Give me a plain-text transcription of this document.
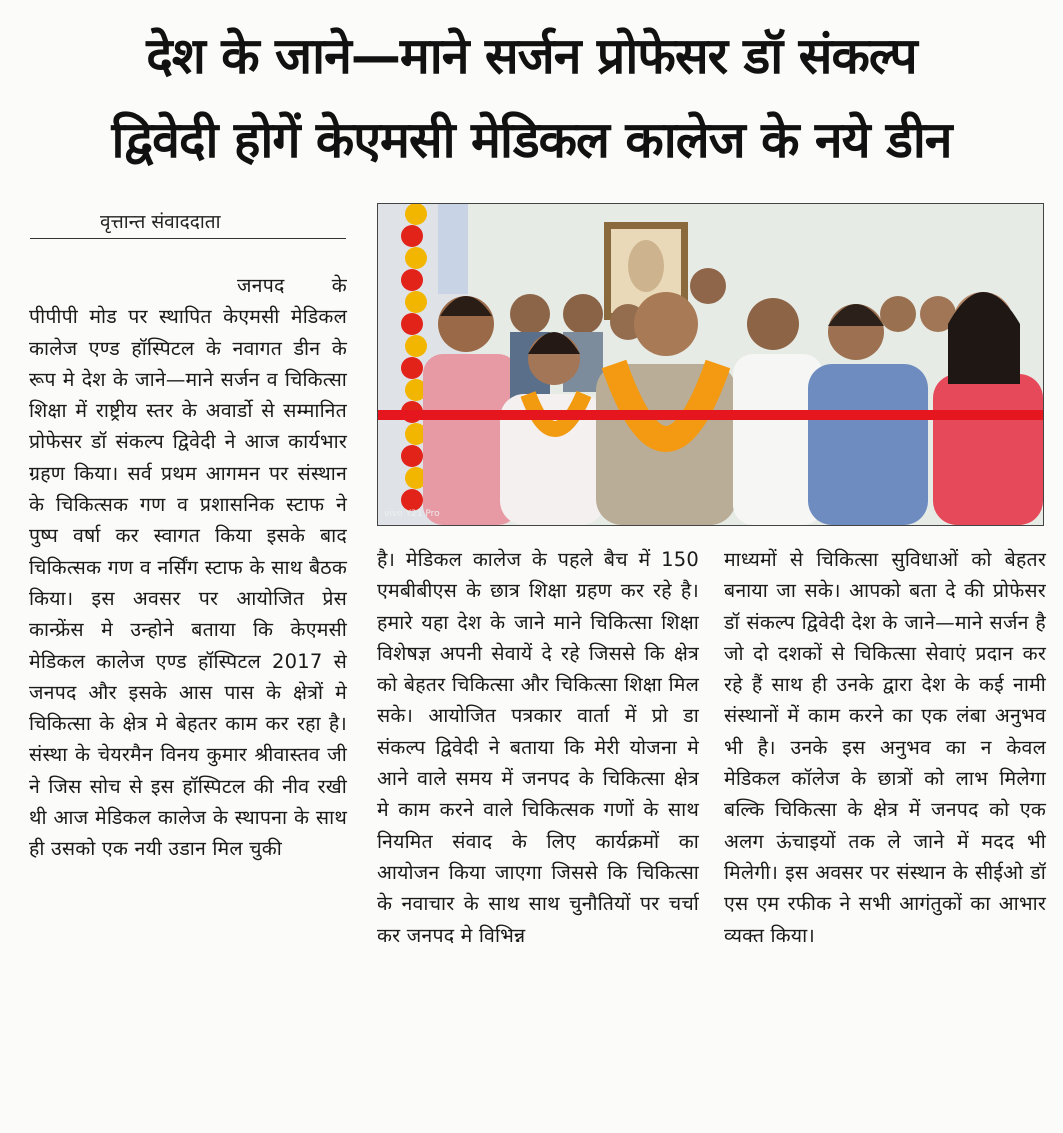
देश के जाने—माने सर्जन प्रोफेसर डॉ संकल्प
द्विवेदी होगें केएमसी मेडिकल कालेज के नये डीन
वृत्तान्त संवाददाता
जनपद के पीपीपी मोड पर स्थापित केएमसी मेडिकल कालेज एण्ड हॉस्पिटल के नवागत डीन के रूप मे देश के जाने—माने सर्जन व चिकित्सा शिक्षा में राष्ट्रीय स्तर के अवार्डो से सम्मानित प्रोफेसर डॉ संकल्प द्विवेदी ने आज कार्यभार ग्रहण किया। सर्व प्रथम आगमन पर संस्थान के चिकित्सक गण व प्रशासनिक स्टाफ ने पुष्प वर्षा कर स्वागत किया इसके बाद चिकित्सक गण व नर्सिंग स्टाफ के साथ बैठक किया। इस अवसर पर आयोजित प्रेस कान्फ्रेंस मे उन्होने बताया कि केएमसी मेडिकल कालेज एण्ड हॉस्पिटल 2017 से जनपद और इसके आस पास के क्षेत्रों मे चिकित्सा के क्षेत्र मे बेहतर काम कर रहा है। संस्था के चेयरमैन विनय कुमार श्रीवास्तव जी ने जिस सोच से इस हॉस्पिटल की नीव रखी थी आज मेडिकल कालेज के स्थापना के साथ ही उसको एक नयी उडान मिल चुकी
vivo Y21 Pro
है। मेडिकल कालेज के पहले बैच में 150 एमबीबीएस के छात्र शिक्षा ग्रहण कर रहे है। हमारे यहा देश के जाने माने चिकित्सा शिक्षा विशेषज्ञ अपनी सेवायें दे रहे जिससे कि क्षेत्र को बेहतर चिकित्सा और चिकित्सा शिक्षा मिल सके। आयोजित पत्रकार वार्ता में प्रो डा संकल्प द्विवेदी ने बताया कि मेरी योजना मे आने वाले समय में जनपद के चिकित्सा क्षेत्र मे काम करने वाले चिकित्सक गणों के साथ नियमित संवाद के लिए कार्यक्रमों का आयोजन किया जाएगा जिससे कि चिकित्सा के नवाचार के साथ साथ चुनौतियों पर चर्चा कर जनपद मे विभिन्न
माध्यमों से चिकित्सा सुविधाओं को बेहतर बनाया जा सके। आपको बता दे की प्रोफेसर डॉ संकल्प द्विवेदी देश के जाने—माने सर्जन है जो दो दशकों से चिकित्सा सेवाएं प्रदान कर रहे हैं साथ ही उनके द्वारा देश के कई नामी संस्थानों में काम करने का एक लंबा अनुभव भी है। उनके इस अनुभव का न केवल मेडिकल कॉलेज के छात्रों को लाभ मिलेगा बल्कि चिकित्सा के क्षेत्र में जनपद को एक अलग ऊंचाइयों तक ले जाने में मदद भी मिलेगी। इस अवसर पर संस्थान के सीईओ डॉ एस एम रफीक ने सभी आगंतुकों का आभार व्यक्त किया।
